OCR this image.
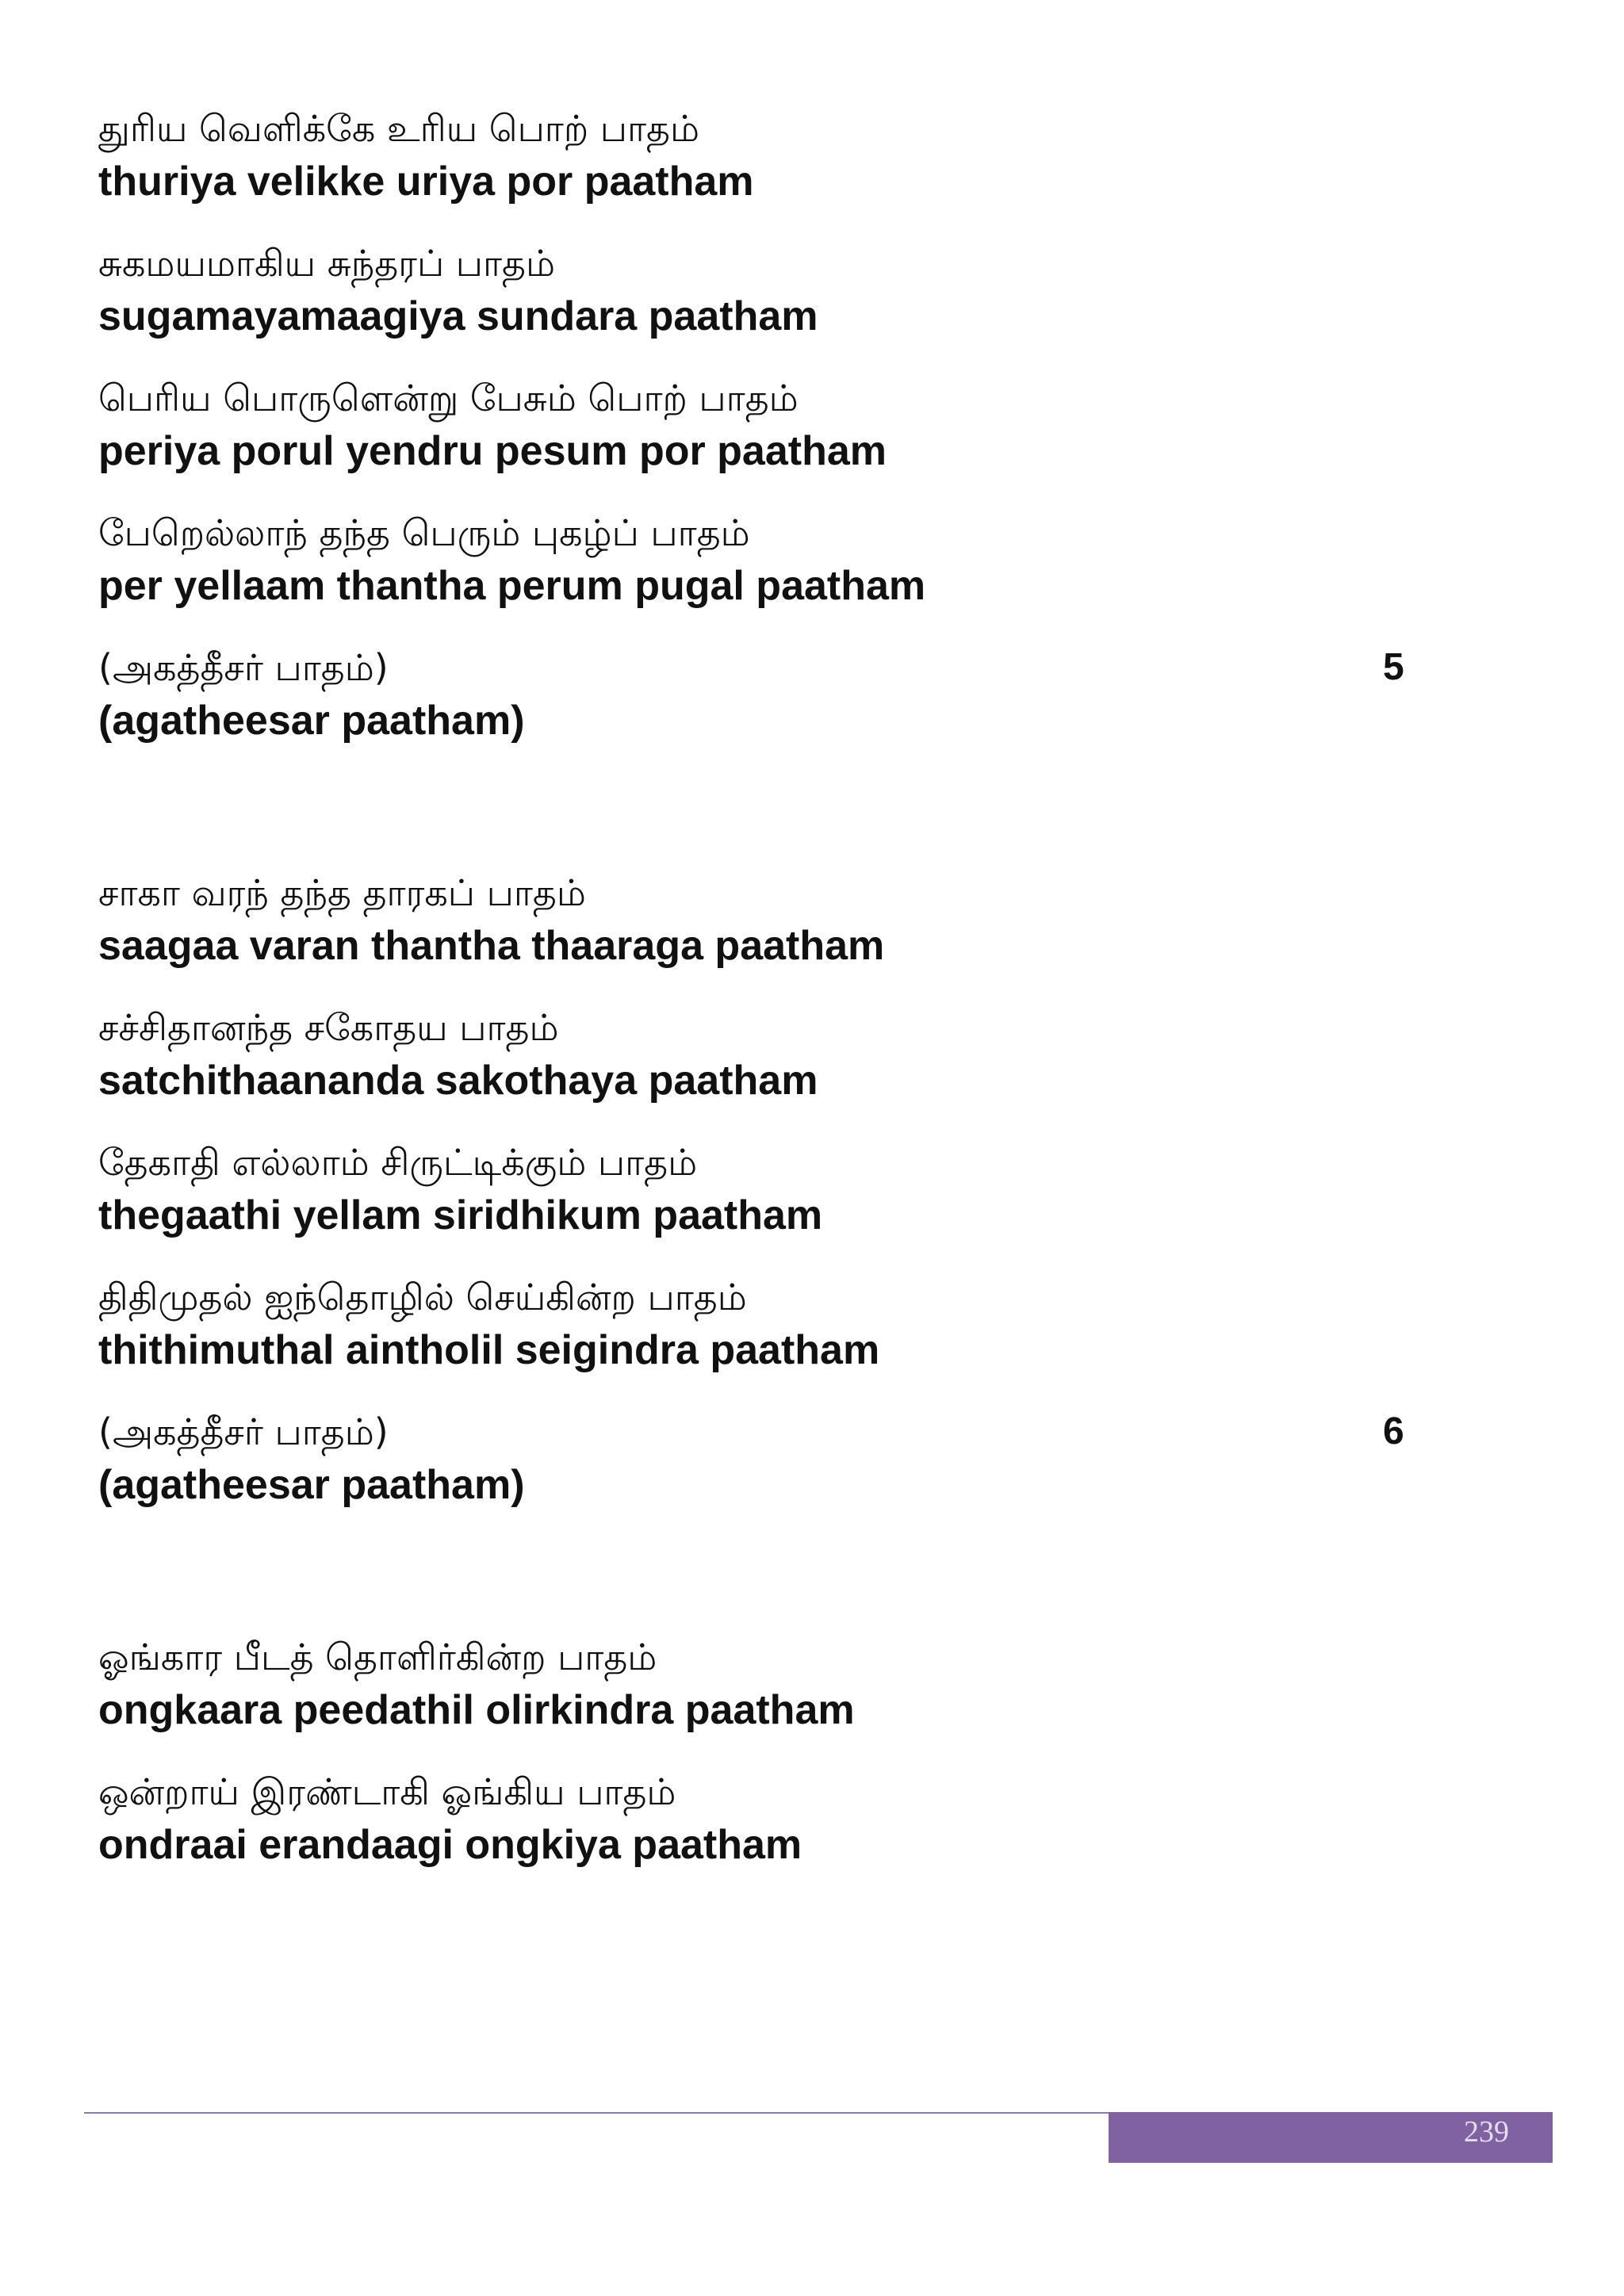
துரிய வெளிக்கே உரிய பொற் பாதம்
thuriya velikke uriya por paatham
சுகமயமாகிய சுந்தரப் பாதம்
sugamayamaagiya sundara paatham
பெரிய பொருளென்று பேசும் பொற் பாதம்
periya porul yendru pesum por paatham
பேறெல்லாந் தந்த பெரும் புகழ்ப் பாதம்
per yellaam thantha perum pugal paatham
(அகத்தீசர் பாதம்)	5
(agatheesar paatham)
சாகா வரந் தந்த தாரகப் பாதம்
saagaa varan thantha thaaraga paatham
சச்சிதானந்த சகோதய பாதம்
satchithaananda sakothaya paatham
தேகாதி எல்லாம் சிருட்டிக்கும் பாதம்
thegaathi yellam siridhikum paatham
திதிமுதல் ஐந்தொழில் செய்கின்ற பாதம்
thithimuthal aintholil seigindra paatham
(அகத்தீசர் பாதம்)	6
(agatheesar paatham)
ஓங்கார பீடத் தொளிர்கின்ற பாதம்
ongkaara peedathil olirkindra paatham
ஒன்றாய் இரண்டாகி ஓங்கிய பாதம்
ondraai erandaagi ongkiya paatham
239
